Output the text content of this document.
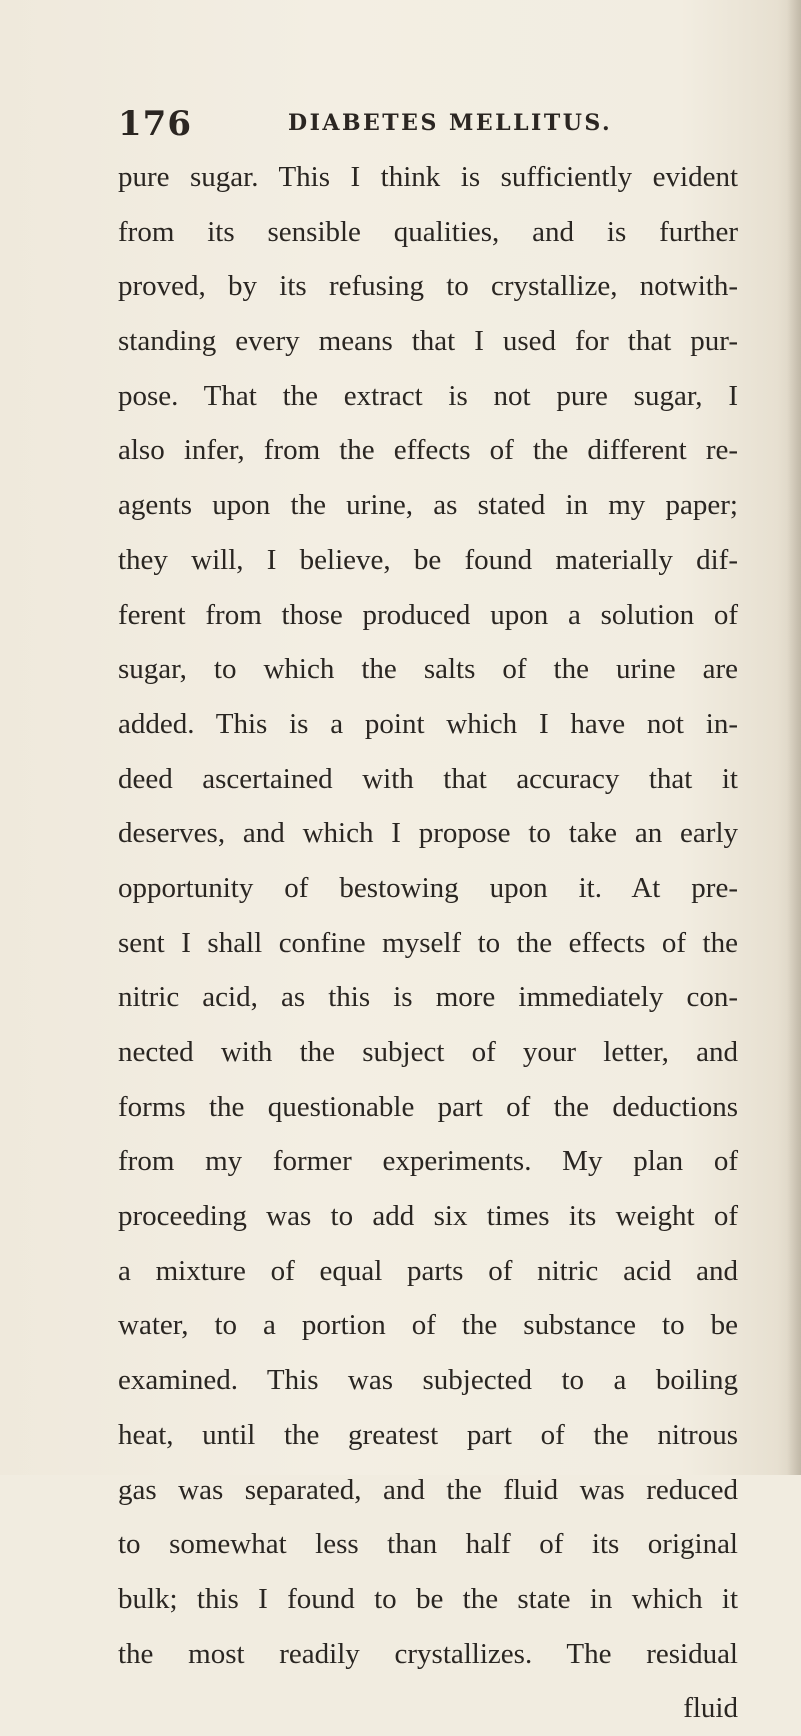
176	DIABETES MELLITUS.
pure sugar. This I think is sufficiently evident
from its sensible qualities, and is further
proved, by its refusing to crystallize, notwith-
standing every means that I used for that pur-
pose. That the extract is not pure sugar, I
also infer, from the effects of the different re-
agents upon the urine, as stated in my paper;
they will, I believe, be found materially dif-
ferent from those produced upon a solution of
sugar, to which the salts of the urine are
added. This is a point which I have not in-
deed ascertained with that accuracy that it
deserves, and which I propose to take an early
opportunity of bestowing upon it. At pre-
sent I shall confine myself to the effects of the
nitric acid, as this is more immediately con-
nected with the subject of your letter, and
forms the questionable part of the deductions
from my former experiments. My plan of
proceeding was to add six times its weight of
a mixture of equal parts of nitric acid and
water, to a portion of the substance to be
examined. This was subjected to a boiling
heat, until the greatest part of the nitrous
gas was separated, and the fluid was reduced
to somewhat less than half of its original
bulk; this I found to be the state in which it
the most readily crystallizes. The residual
fluid
